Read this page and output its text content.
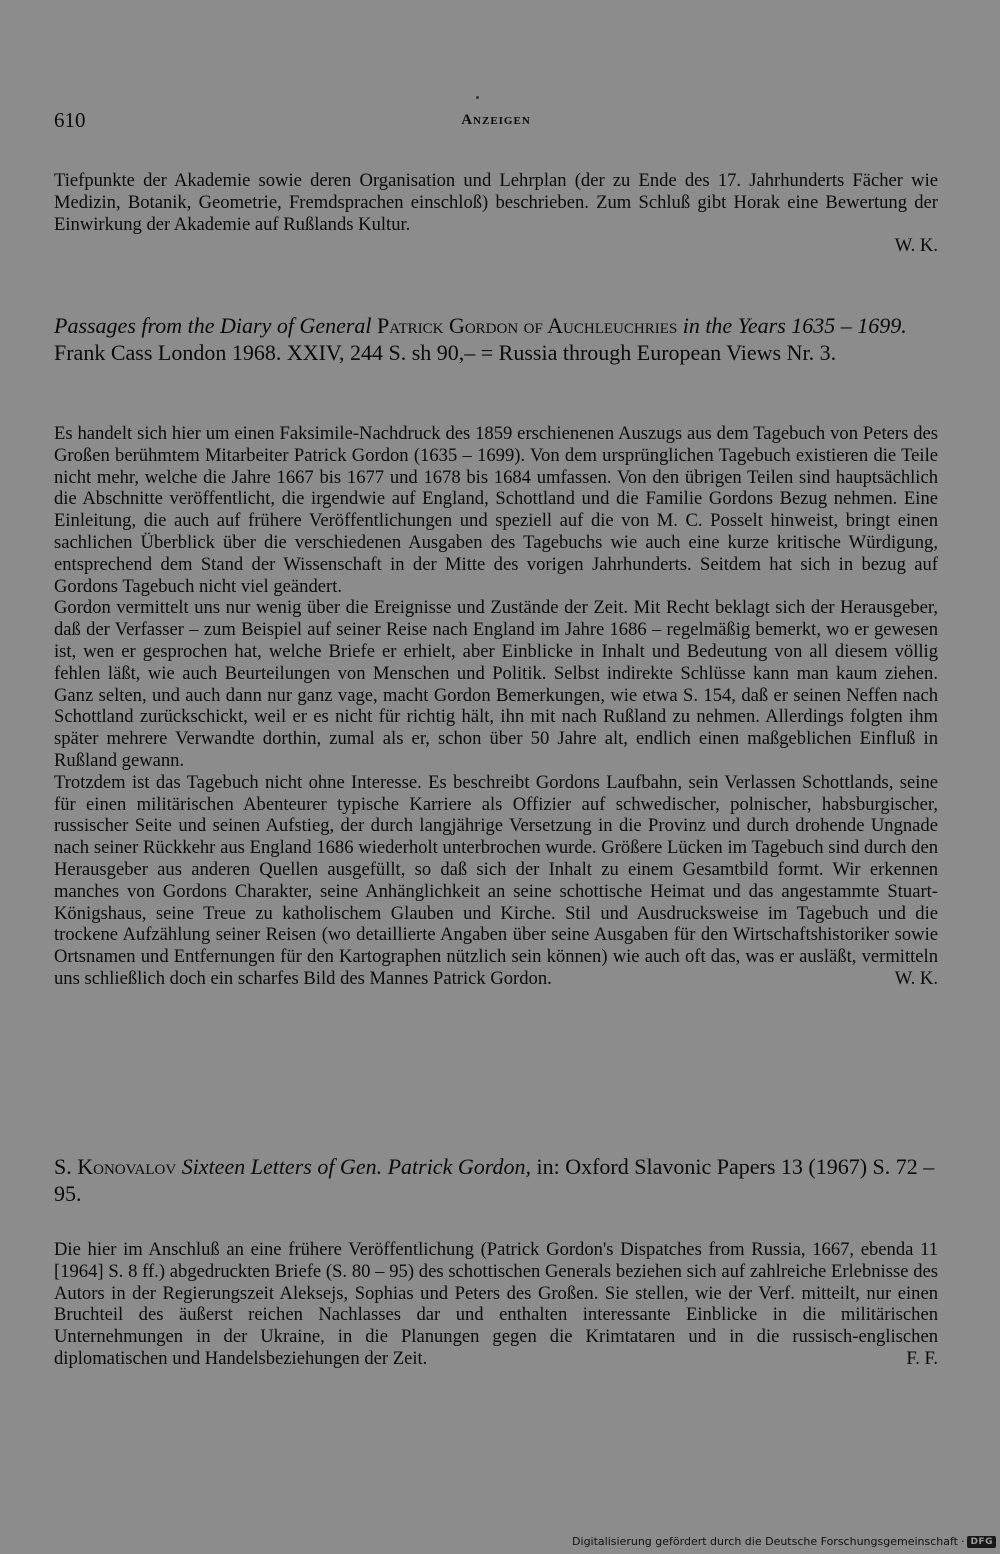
610	Anzeigen

Tiefpunkte der Akademie sowie deren Organisation und Lehrplan (der zu Ende des 17. Jahrhunderts Fächer wie Medizin, Botanik, Geometrie, Fremdsprachen einschloß) beschrieben. Zum Schluß gibt Horak eine Bewertung der Einwirkung der Akademie auf Rußlands Kultur.

W. K.

Passages from the Diary of General Patrick Gordon of Auchleuchries in the Years 1635 – 1699. Frank Cass London 1968. XXIV, 244 S. sh 90,– = Russia through European Views Nr. 3.

Es handelt sich hier um einen Faksimile-Nachdruck des 1859 erschienenen Auszugs aus dem Tagebuch von Peters des Großen berühmtem Mitarbeiter Patrick Gordon (1635 – 1699). Von dem ursprünglichen Tagebuch existieren die Teile nicht mehr, welche die Jahre 1667 bis 1677 und 1678 bis 1684 umfassen. Von den übrigen Teilen sind hauptsächlich die Abschnitte veröffentlicht, die irgendwie auf England, Schottland und die Familie Gordons Bezug nehmen. Eine Einleitung, die auch auf frühere Veröffentlichungen und speziell auf die von M. C. Posselt hinweist, bringt einen sachlichen Überblick über die verschiedenen Ausgaben des Tagebuchs wie auch eine kurze kritische Würdigung, entsprechend dem Stand der Wissenschaft in der Mitte des vorigen Jahrhunderts. Seitdem hat sich in bezug auf Gordons Tagebuch nicht viel geändert.

Gordon vermittelt uns nur wenig über die Ereignisse und Zustände der Zeit. Mit Recht beklagt sich der Herausgeber, daß der Verfasser – zum Beispiel auf seiner Reise nach England im Jahre 1686 – regelmäßig bemerkt, wo er gewesen ist, wen er gesprochen hat, welche Briefe er erhielt, aber Einblicke in Inhalt und Bedeutung von all diesem völlig fehlen läßt, wie auch Beurteilungen von Menschen und Politik. Selbst indirekte Schlüsse kann man kaum ziehen. Ganz selten, und auch dann nur ganz vage, macht Gordon Bemerkungen, wie etwa S. 154, daß er seinen Neffen nach Schottland zurückschickt, weil er es nicht für richtig hält, ihn mit nach Rußland zu nehmen. Allerdings folgten ihm später mehrere Verwandte dorthin, zumal als er, schon über 50 Jahre alt, endlich einen maßgeblichen Einfluß in Rußland gewann.

Trotzdem ist das Tagebuch nicht ohne Interesse. Es beschreibt Gordons Laufbahn, sein Verlassen Schottlands, seine für einen militärischen Abenteurer typische Karriere als Offizier auf schwedischer, polnischer, habsburgischer, russischer Seite und seinen Aufstieg, der durch langjährige Versetzung in die Provinz und durch drohende Ungnade nach seiner Rückkehr aus England 1686 wiederholt unterbrochen wurde. Größere Lücken im Tagebuch sind durch den Herausgeber aus anderen Quellen ausgefüllt, so daß sich der Inhalt zu einem Gesamtbild formt. Wir erkennen manches von Gordons Charakter, seine Anhänglichkeit an seine schottische Heimat und das angestammte Stuart-Königshaus, seine Treue zu katholischem Glauben und Kirche. Stil und Ausdrucksweise im Tagebuch und die trockene Aufzählung seiner Reisen (wo detaillierte Angaben über seine Ausgaben für den Wirtschaftshistoriker sowie Ortsnamen und Entfernungen für den Kartographen nützlich sein können) wie auch oft das, was er ausläßt, vermitteln uns schließlich doch ein scharfes Bild des Mannes Patrick Gordon.	W. K.

S. Konovalov Sixteen Letters of Gen. Patrick Gordon, in: Oxford Slavonic Papers 13 (1967) S. 72 – 95.

Die hier im Anschluß an eine frühere Veröffentlichung (Patrick Gordon's Dispatches from Russia, 1667, ebenda 11 [1964] S. 8 ff.) abgedruckten Briefe (S. 80 – 95) des schottischen Generals beziehen sich auf zahlreiche Erlebnisse des Autors in der Regierungszeit Aleksejs, Sophias und Peters des Großen. Sie stellen, wie der Verf. mitteilt, nur einen Bruchteil des äußerst reichen Nachlasses dar und enthalten interessante Einblicke in die militärischen Unternehmungen in der Ukraine, in die Planungen gegen die Krimtataren und in die russisch-englischen diplomatischen und Handelsbeziehungen der Zeit.	F. F.

Digitalisierung gefördert durch die Deutsche Forschungsgemeinschaft · DFG
